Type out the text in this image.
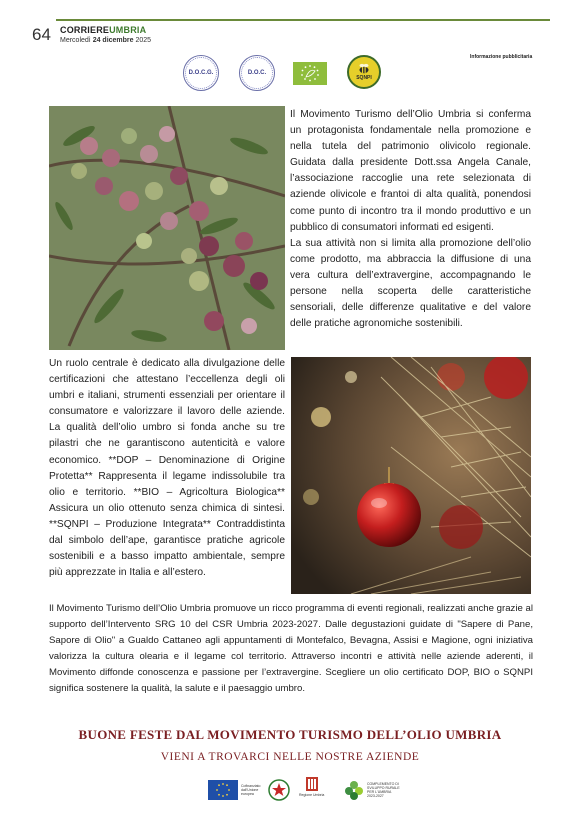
64 CORRIEREUMBRIA
Mercoledì 24 dicembre 2025
Informazione pubblicitaria
D.O.C.G.	D.O.C.
SQNPI
Il Movimento Turismo dell’Olio Umbria si conferma un protagonista fondamentale nella promozione e nella tutela del patrimonio olivicolo regionale. Guidata dalla presidente Dott.ssa Angela Canale, l’associazione raccoglie una rete selezionata di aziende olivicole e frantoi di alta qualità, ponendosi come punto di incontro tra il mondo produttivo e un pubblico di consumatori informati ed esigenti.
La sua attività non si limita alla promozione dell’olio come prodotto, ma abbraccia la diffusione di una vera cultura dell’extravergine, accompagnando le persone nella scoperta delle caratteristiche sensoriali, delle differenze qualitative e del valore delle pratiche agronomiche sostenibili.
Un ruolo centrale è dedicato alla divulgazione delle certificazioni che attestano l’eccellenza degli oli umbri e italiani, strumenti essenziali per orientare il consumatore e valorizzare il lavoro delle aziende. La qualità dell’olio umbro si fonda anche su tre pilastri che ne garantiscono autenticità e valore economico. **DOP – Denominazione di Origine Protetta** Rappresenta il legame indissolubile tra olio e territorio. **BIO – Agricoltura Biologica** Assicura un olio ottenuto senza chimica di sintesi. **SQNPI – Produzione Integrata** Contraddistinta dal simbolo dell’ape, garantisce pratiche agricole sostenibili e a basso impatto ambientale, sempre più apprezzate in Italia e all’estero.
Il Movimento Turismo dell’Olio Umbria promuove un ricco programma di eventi regionali, realizzati anche grazie al supporto dell’Intervento SRG 10 del CSR Umbria 2023-2027. Dalle degustazioni guidate di "Sapere di Pane, Sapore di Olio" a Gualdo Cattaneo agli appuntamenti di Montefalco, Bevagna, Assisi e Magione, ogni iniziativa valorizza la cultura olearia e il legame col territorio. Attraverso incontri e attività nelle aziende aderenti, il Movimento diffonde conoscenza e passione per l’extravergine. Scegliere un olio certificato DOP, BIO o SQNPI significa sostenere la qualità, la salute e il paesaggio umbro.
BUONE FESTE DAL MOVIMENTO TURISMO DELL’OLIO UMBRIA
VIENI A TROVARCI NELLE NOSTRE AZIENDE
Cofinanziato dall’Unione europea	Regione Umbria
COMPLEMENTO DI SVILUPPO RURALE PER L’UMBRIA 2023-2027
